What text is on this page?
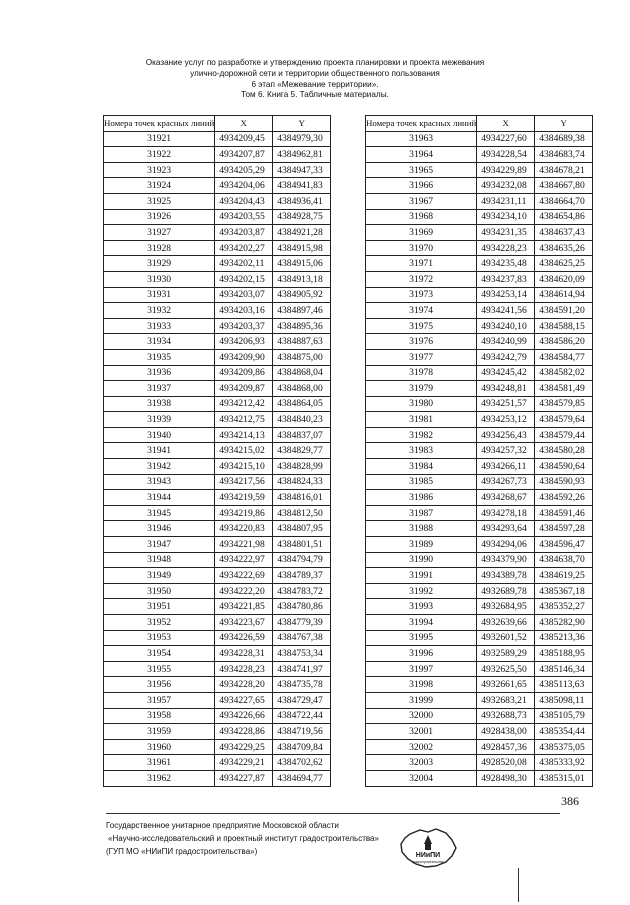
Оказание услуг по разработке и утверждению проекта планировки и проекта межевания
улично-дорожной сети и территории общественного пользования
6 этап «Межевание территории».
Том 6. Книга 5. Табличные материалы.
Номера точек красных линий	X	Y
31921	4934209,45	4384979,30
31922	4934207,87	4384962,81
31923	4934205,29	4384947,33
31924	4934204,06	4384941,83
31925	4934204,43	4384936,41
31926	4934203,55	4384928,75
31927	4934203,87	4384921,28
31928	4934202,27	4384915,98
31929	4934202,11	4384915,06
31930	4934202,15	4384913,18
31931	4934203,07	4384905,92
31932	4934203,16	4384897,46
31933	4934203,37	4384895,36
31934	4934206,93	4384887,63
31935	4934209,90	4384875,00
31936	4934209,86	4384868,04
31937	4934209,87	4384868,00
31938	4934212,42	4384864,05
31939	4934212,75	4384840,23
31940	4934214,13	4384837,07
31941	4934215,02	4384829,77
31942	4934215,10	4384828,99
31943	4934217,56	4384824,33
31944	4934219,59	4384816,01
31945	4934219,86	4384812,50
31946	4934220,83	4384807,95
31947	4934221,98	4384801,51
31948	4934222,97	4384794,79
31949	4934222,69	4384789,37
31950	4934222,20	4384783,72
31951	4934221,85	4384780,86
31952	4934223,67	4384779,39
31953	4934226,59	4384767,38
31954	4934228,31	4384753,34
31955	4934228,23	4384741,97
31956	4934228,20	4384735,78
31957	4934227,65	4384729,47
31958	4934226,66	4384722,44
31959	4934228,86	4384719,56
31960	4934229,25	4384709,84
31961	4934229,21	4384702,62
31962	4934227,87	4384694,77
Номера точек красных линий	X	Y
31963	4934227,60	4384689,38
31964	4934228,54	4384683,74
31965	4934229,89	4384678,21
31966	4934232,08	4384667,80
31967	4934231,11	4384664,70
31968	4934234,10	4384654,86
31969	4934231,35	4384637,43
31970	4934228,23	4384635,26
31971	4934235,48	4384625,25
31972	4934237,83	4384620,09
31973	4934253,14	4384614,94
31974	4934241,56	4384591,20
31975	4934240,10	4384588,15
31976	4934240,99	4384586,20
31977	4934242,79	4384584,77
31978	4934245,42	4384582,02
31979	4934248,81	4384581,49
31980	4934251,57	4384579,85
31981	4934253,12	4384579,64
31982	4934256,43	4384579,44
31983	4934257,32	4384580,28
31984	4934266,11	4384590,64
31985	4934267,73	4384590,93
31986	4934268,67	4384592,26
31987	4934278,18	4384591,46
31988	4934293,64	4384597,28
31989	4934294,06	4384596,47
31990	4934379,90	4384638,70
31991	4934389,78	4384619,25
31992	4932689,78	4385367,18
31993	4932684,95	4385352,27
31994	4932639,66	4385282,90
31995	4932601,52	4385213,36
31996	4932589,29	4385188,95
31997	4932625,50	4385146,34
31998	4932661,65	4385113,63
31999	4932683,21	4385098,11
32000	4932688,73	4385105,79
32001	4928438,00	4385354,44
32002	4928457,36	4385375,05
32003	4928520,08	4385333,92
32004	4928498,30	4385315,01
386
Государственное унитарное предприятие Московской области
«Научно-исследовательский и проектный институт градостроительства»
(ГУП МО «НИиПИ градостроительства»)	НИиПИ
градостроительства
